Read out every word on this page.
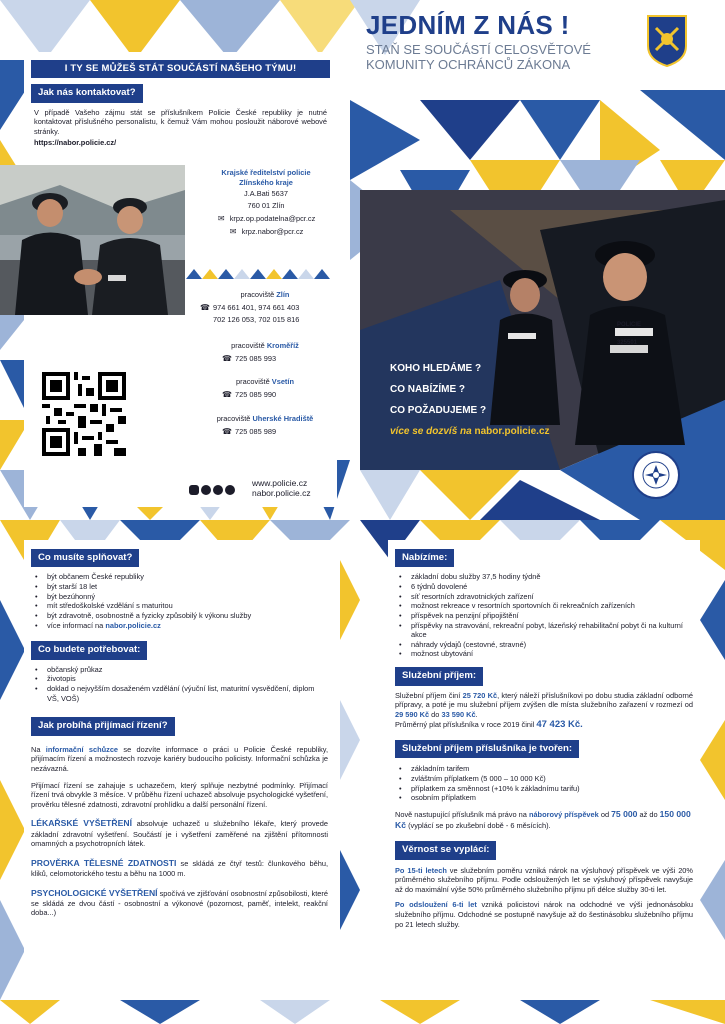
JEDNÍM Z NÁS !
STAŇ SE SOUČÁSTÍ CELOSVĚTOVÉ
KOMUNITY OCHRÁNCŮ ZÁKONA
I TY SE MŮŽEŠ STÁT SOUČÁSTÍ NAŠEHO TÝMU!
Jak nás kontaktovat?
V případě Vašeho zájmu stát se příslušníkem Policie České republiky je nutné kontaktovat příslušného personalistu, k čemuž Vám mohou posloužit náborové webové stránky.
https://nabor.policie.cz/
Krajské ředitelství policie
Zlínského kraje
J.A.Bati 5637
760 01 Zlín
✉ krpz.op.podatelna@pcr.cz
✉ krpz.nabor@pcr.cz
pracoviště Zlín
☎ 974 661 401, 974 661 403
702 126 053, 702 015 816
pracoviště Kroměříž
☎ 725 085 993
pracoviště Vsetín
☎ 725 085 990
pracoviště Uherské Hradiště
☎ 725 085 989
www.policie.cz
nabor.policie.cz
POLICIE
325501
KOHO HLEDÁME ?
CO NABÍZÍME ?
CO POŽADUJEME ?
více se dozvíš na nabor.policie.cz
Co musíte splňovat?
• být občanem České republiky
• být starší 18 let
• být bezúhonný
• mít středoškolské vzdělání s maturitou
• být zdravotně, osobnostně a fyzicky způsobilý k výkonu služby
• více informací na nabor.policie.cz
Co budete potřebovat:
• občanský průkaz
• životopis
• doklad o nejvyšším dosaženém vzdělání (výuční list, maturitní vysvědčení, diplom VŠ, VOŠ)
Jak probíhá přijímací řízení?
Na informační schůzce se dozvíte informace o práci u Policie České republiky, přijímacím řízení a možnostech rozvoje kariéry budoucího policisty. Informační schůzka je nezávazná.
Přijímací řízení se zahajuje s uchazečem, který splňuje nezbytné podmínky. Přijímací řízení trvá obvykle 3 měsíce. V průběhu řízení uchazeč absolvuje psychologické vyšetření, prověrku tělesné zdatnosti, zdravotní prohlídku a další personální řízení.
LÉKAŘSKÉ VYŠETŘENÍ absolvuje uchazeč u služebního lékaře, který provede základní zdravotní vyšetření. Součástí je i vyšetření zaměřené na zjištění přítomnosti omamných a psychotropních látek.
PROVĚRKA TĚLESNÉ ZDATNOSTI se skládá ze čtyř testů: člunkového běhu, kliků, celomotorického testu a běhu na 1000 m.
PSYCHOLOGICKÉ VYŠETŘENÍ spočívá ve zjišťování osobnostní způsobilosti, které se skládá ze dvou částí - osobnostní a výkonové (pozornost, paměť, intelekt, reakční doba...)
Nabízíme:
• základní dobu služby 37,5 hodiny týdně
• 6 týdnů dovolené
• síť resortních zdravotnických zařízení
• možnost rekreace v resortních sportovních či rekreačních zařízeních
• příspěvek na penzijní připojištění
• příspěvky na stravování, rekreační pobyt, lázeňský rehabilitační pobyt či na kulturní akce
• náhrady výdajů (cestovné, stravné)
• možnost ubytování
Služební příjem:
Služební příjem činí 25 720 Kč, který náleží příslušníkovi po dobu studia základní odborné přípravy, a poté je mu služební příjem zvýšen dle místa služebního zařazení v rozmezí od 29 590 Kč do 33 590 Kč.
Průměrný plat příslušníka v roce 2019 činil 47 423 Kč.
Služební příjem příslušníka je tvořen:
• základním tarifem
• zvláštním příplatkem (5 000 – 10 000 Kč)
• příplatkem za směnnost (+10% k základnímu tarifu)
• osobním příplatkem
Nově nastupující příslušník má právo na náborový příspěvek od 75 000 až do 150 000 Kč (vyplácí se po zkušební době - 6 měsících).
Věrnost se vyplácí:
Po 15-ti letech ve služebním poměru vzniká nárok na výsluhový příspěvek ve výši 20% průměrného služebního příjmu. Podle odsloužených let se výsluhový příspěvek navyšuje až do maximální výše 50% průměrného služebního příjmu při délce služby 30-ti let.
Po odsloužení 6-ti let vzniká policistovi nárok na odchodné ve výši jednonásobku služebního příjmu. Odchodné se postupně navyšuje až do šestinásobku služebního příjmu po 21 letech služby.
